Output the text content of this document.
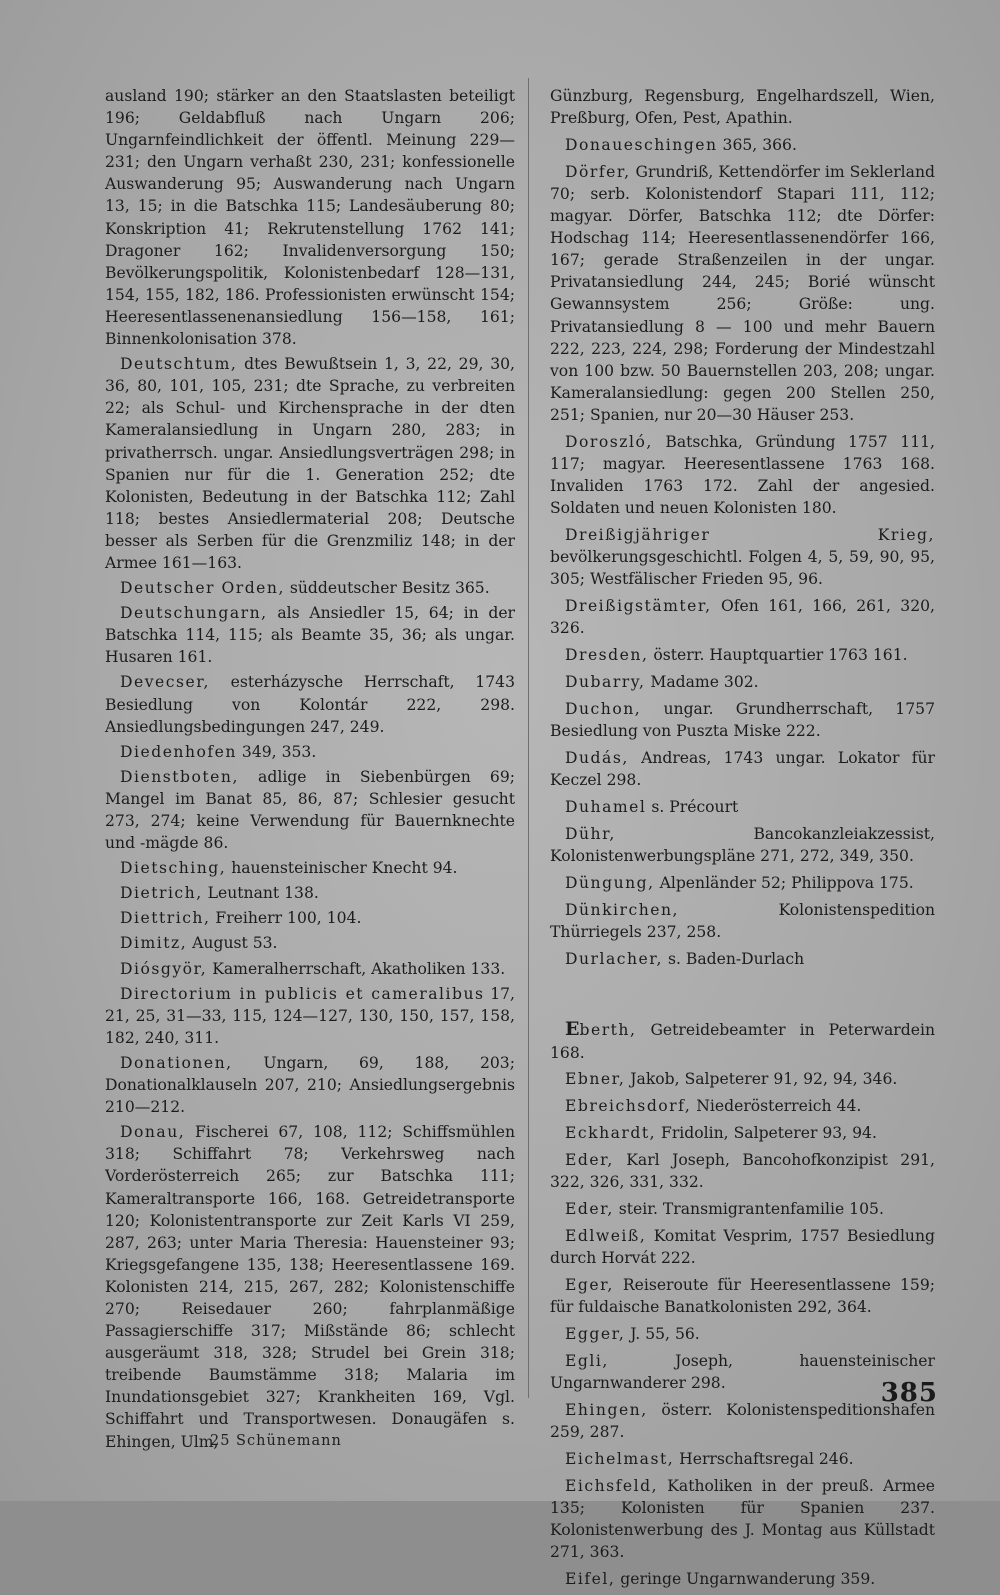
ausland 190; stärker an den Staatslasten beteiligt 196; Geldabfluß nach Ungarn 206; Ungarnfeindlichkeit der öffentl. Meinung 229—231; den Ungarn verhaßt 230, 231; konfessionelle Auswanderung 95; Auswanderung nach Ungarn 13, 15; in die Batschka 115; Landesäuberung 80; Konskription 41; Rekrutenstellung 1762 141; Dragoner 162; Invalidenversorgung 150; Bevölkerungspolitik, Kolonistenbedarf 128—131, 154, 155, 182, 186. Professionisten erwünscht 154; Heeresentlassenenansiedlung 156—158, 161; Binnenkolonisation 378.
Deutschtum, dtes Bewußtsein 1, 3, 22, 29, 30, 36, 80, 101, 105, 231; dte Sprache, zu verbreiten 22; als Schul- und Kirchensprache in der dten Kameralansiedlung in Ungarn 280, 283; in privatherrsch. ungar. Ansiedlungsverträgen 298; in Spanien nur für die 1. Generation 252; dte Kolonisten, Bedeutung in der Batschka 112; Zahl 118; bestes Ansiedlermaterial 208; Deutsche besser als Serben für die Grenzmiliz 148; in der Armee 161—163.
Deutscher Orden, süddeutscher Besitz 365.
Deutschungarn, als Ansiedler 15, 64; in der Batschka 114, 115; als Beamte 35, 36; als ungar. Husaren 161.
Devecser, esterházysche Herrschaft, 1743 Besiedlung von Kolontár 222, 298. Ansiedlungsbedingungen 247, 249.
Diedenhofen 349, 353.
Dienstboten, adlige in Siebenbürgen 69; Mangel im Banat 85, 86, 87; Schlesier gesucht 273, 274; keine Verwendung für Bauernknechte und -mägde 86.
Dietsching, hauensteinischer Knecht 94.
Dietrich, Leutnant 138.
Diettrich, Freiherr 100, 104.
Dimitz, August 53.
Diósgyör, Kameralherrschaft, Akatholiken 133.
Directorium in publicis et cameralibus 17, 21, 25, 31—33, 115, 124—127, 130, 150, 157, 158, 182, 240, 311.
Donationen, Ungarn, 69, 188, 203; Donationalklauseln 207, 210; Ansiedlungsergebnis 210—212.
Donau, Fischerei 67, 108, 112; Schiffsmühlen 318; Schiffahrt 78; Verkehrsweg nach Vorderösterreich 265; zur Batschka 111; Kameraltransporte 166, 168. Getreidetransporte 120; Kolonistentransporte zur Zeit Karls VI 259, 287, 263; unter Maria Theresia: Hauensteiner 93; Kriegsgefangene 135, 138; Heeresentlassene 169. Kolonisten 214, 215, 267, 282; Kolonistenschiffe 270; Reisedauer 260; fahrplanmäßige Passagierschiffe 317; Mißstände 86; schlecht ausgeräumt 318, 328; Strudel bei Grein 318; treibende Baumstämme 318; Malaria im Inundationsgebiet 327; Krankheiten 169, Vgl. Schiffahrt und Transportwesen. Donaugäfen s. Ehingen, Ulm,
Günzburg, Regensburg, Engelhardszell, Wien, Preßburg, Ofen, Pest, Apathin.
Donaueschingen 365, 366.
Dörfer, Grundriß, Kettendörfer im Seklerland 70; serb. Kolonistendorf Stapari 111, 112; magyar. Dörfer, Batschka 112; dte Dörfer: Hodschag 114; Heeresentlassenendörfer 166, 167; gerade Straßenzeilen in der ungar. Privatansiedlung 244, 245; Borié wünscht Gewannsystem 256; Größe: ung. Privatansiedlung 8 — 100 und mehr Bauern 222, 223, 224, 298; Forderung der Mindestzahl von 100 bzw. 50 Bauernstellen 203, 208; ungar. Kameralansiedlung: gegen 200 Stellen 250, 251; Spanien, nur 20—30 Häuser 253.
Doroszló, Batschka, Gründung 1757 111, 117; magyar. Heeresentlassene 1763 168. Invaliden 1763 172. Zahl der angesied. Soldaten und neuen Kolonisten 180.
Dreißigjähriger Krieg, bevölkerungsgeschichtl. Folgen 4, 5, 59, 90, 95, 305; Westfälischer Frieden 95, 96.
Dreißigstämter, Ofen 161, 166, 261, 320, 326.
Dresden, österr. Hauptquartier 1763 161.
Dubarry, Madame 302.
Duchon, ungar. Grundherrschaft, 1757 Besiedlung von Puszta Miske 222.
Dudás, Andreas, 1743 ungar. Lokator für Keczel 298.
Duhamel s. Précourt
Dühr, Bancokanzleiakzessist, Kolonistenwerbungspläne 271, 272, 349, 350.
Düngung, Alpenländer 52; Philippova 175.
Dünkirchen, Kolonistenspedition Thürriegels 237, 258.
Durlacher, s. Baden-Durlach
Eberth, Getreidebeamter in Peterwardein 168.
Ebner, Jakob, Salpeterer 91, 92, 94, 346.
Ebreichsdorf, Niederösterreich 44.
Eckhardt, Fridolin, Salpeterer 93, 94.
Eder, Karl Joseph, Bancohofkonzipist 291, 322, 326, 331, 332.
Eder, steir. Transmigrantenfamilie 105.
Edlweiß, Komitat Vesprim, 1757 Besiedlung durch Horvát 222.
Eger, Reiseroute für Heeresentlassene 159; für fuldaische Banatkolonisten 292, 364.
Egger, J. 55, 56.
Egli, Joseph, hauensteinischer Ungarnwanderer 298.
Ehingen, österr. Kolonistenspeditionshafen 259, 287.
Eichelmast, Herrschaftsregal 246.
Eichsfeld, Katholiken in der preuß. Armee 135; Kolonisten für Spanien 237. Kolonistenwerbung des J. Montag aus Küllstadt 271, 363.
Eifel, geringe Ungarnwanderung 359.
385
25 Schünemann
